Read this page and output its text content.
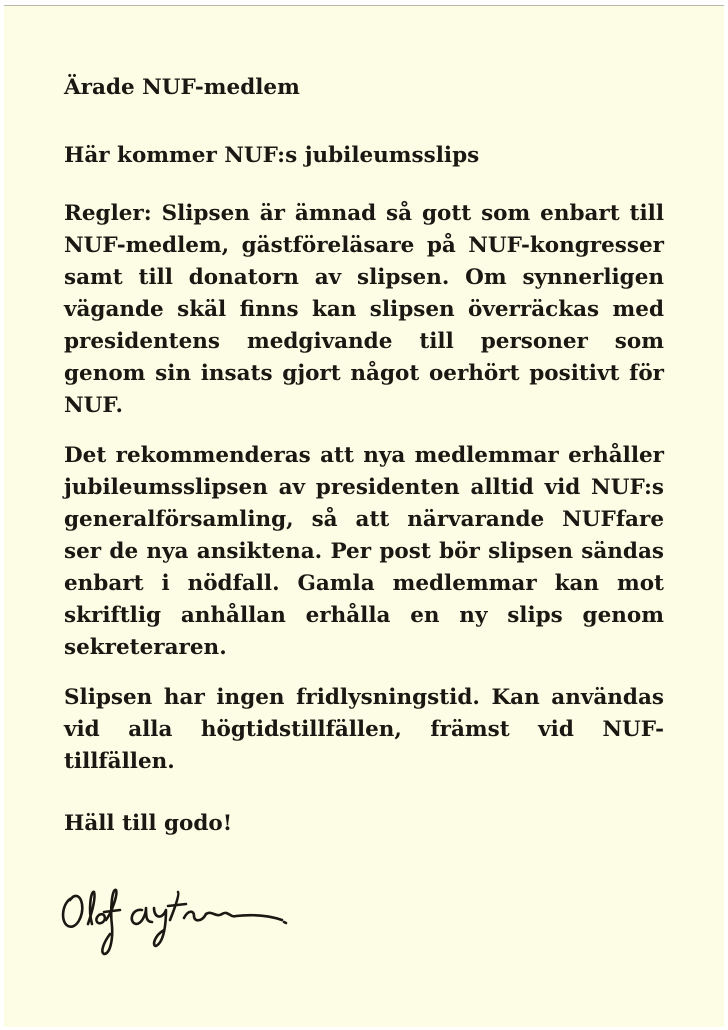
Ärade NUF-medlem

Här kommer NUF:s jubileumsslips

Regler: Slipsen är ämnad så gott som enbart till NUF-medlem, gästföreläsare på NUF-kongresser samt till donatorn av slipsen. Om synnerligen vägande skäl finns kan slipsen överräckas med presidentens medgivande till personer som genom sin insats gjort något oerhört positivt för NUF.

Det rekommenderas att nya medlemmar erhåller jubileumsslipsen av presidenten alltid vid NUF:s generalförsamling, så att närvarande NUFfare ser de nya ansiktena. Per post bör slipsen sändas enbart i nödfall. Gamla medlemmar kan mot skriftlig anhållan erhålla en ny slips genom sekreteraren.

Slipsen har ingen fridlysningstid. Kan användas vid alla högtidstillfällen, främst vid NUF-tillfällen.

Häll till godo!
